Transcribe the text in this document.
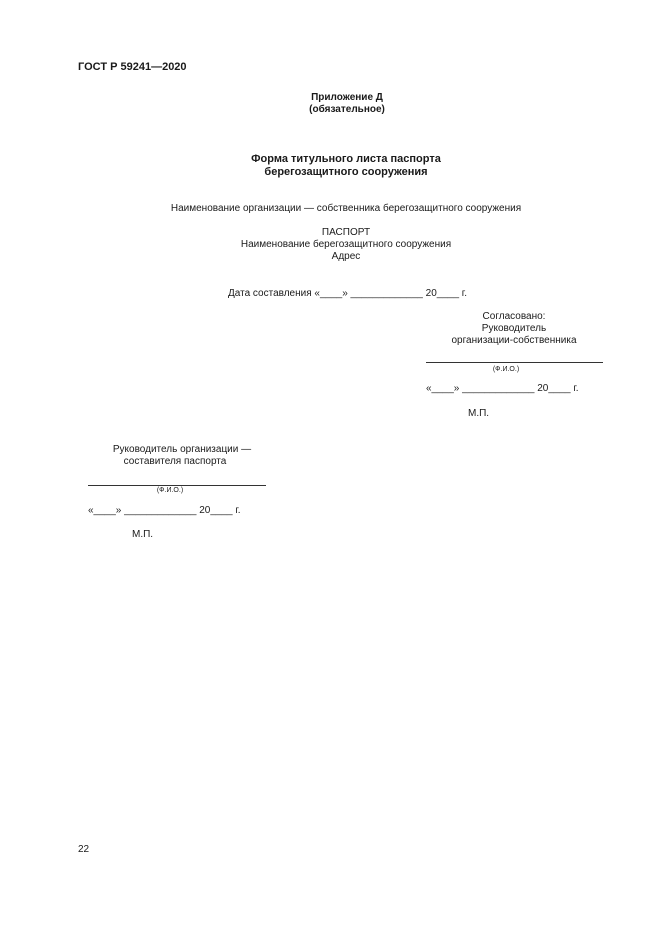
ГОСТ Р 59241—2020
Приложение Д
(обязательное)
Форма титульного листа паспорта
берегозащитного сооружения
Наименование организации — собственника берегозащитного сооружения
ПАСПОРТ
Наименование берегозащитного сооружения
Адрес
Дата составления «____» _____________ 20____ г.
Согласовано:
Руководитель
организации-собственника
(Ф.И.О.)
«____» _____________ 20____ г.
М.П.
Руководитель организации —
составителя паспорта
(Ф.И.О.)
«____» _____________ 20____ г.
М.П.
22
